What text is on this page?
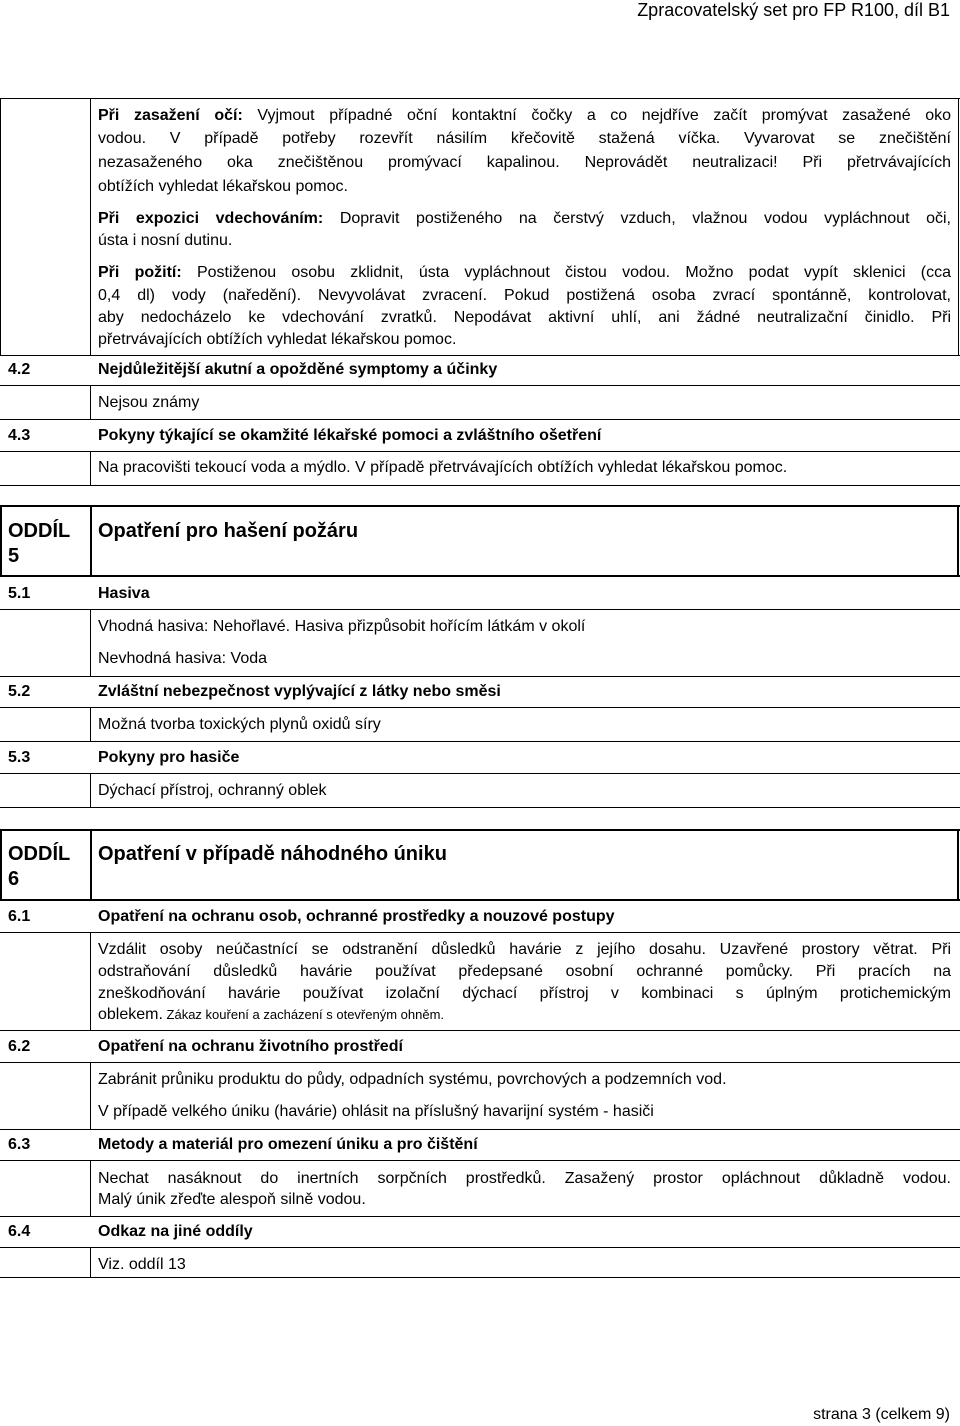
Zpracovatelský set pro FP R100, díl B1
Při zasažení očí: Vyjmout případné oční kontaktní čočky a co nejdříve začít promývat zasažené oko
vodou. V případě potřeby rozevřít násilím křečovitě stažená víčka. Vyvarovat se znečištění
nezasaženého oka znečištěnou promývací kapalinou. Neprovádět neutralizaci! Při přetrvávajících
obtížích vyhledat lékařskou pomoc.
Při expozici vdechováním: Dopravit postiženého na čerstvý vzduch, vlažnou vodou vypláchnout oči,
ústa i nosní dutinu.
Při požití: Postiženou osobu zklidnit, ústa vypláchnout čistou vodou. Možno podat vypít sklenici (cca
0,4 dl) vody (naředění). Nevyvolávat zvracení. Pokud postižená osoba zvrací spontánně, kontrolovat,
aby nedocházelo ke vdechování zvratků. Nepodávat aktivní uhlí, ani žádné neutralizační činidlo. Při
přetrvávajících obtížích vyhledat lékařskou pomoc.
4.2	Nejdůležitější akutní a opožděné symptomy a účinky
Nejsou známy
4.3	Pokyny týkající se okamžité lékařské pomoci a zvláštního ošetření
Na pracovišti tekoucí voda a mýdlo. V případě přetrvávajících obtížích vyhledat lékařskou pomoc.
ODDÍL
5
Opatření pro hašení požáru
5.1	Hasiva
Vhodná hasiva: Nehořlavé. Hasiva přizpůsobit hořícím látkám v okolí
Nevhodná hasiva: Voda
5.2	Zvláštní nebezpečnost vyplývající z látky nebo směsi
Možná tvorba toxických plynů oxidů síry
5.3	Pokyny pro hasiče
Dýchací přístroj, ochranný oblek
ODDÍL
6
Opatření v případě náhodného úniku
6.1	Opatření na ochranu osob, ochranné prostředky a nouzové postupy
Vzdálit osoby neúčastnící se odstranění důsledků havárie z jejího dosahu. Uzavřené prostory větrat. Při
odstraňování důsledků havárie používat předepsané osobní ochranné pomůcky. Při pracích na
zneškodňování havárie používat izolační dýchací přístroj v kombinaci s úplným protichemickým
oblekem. Zákaz kouření a zacházení s otevřeným ohněm.
6.2	Opatření na ochranu životního prostředí
Zabránit průniku produktu do půdy, odpadních systému, povrchových a podzemních vod.
V případě velkého úniku (havárie) ohlásit na příslušný havarijní systém - hasiči
6.3	Metody a materiál pro omezení úniku a pro čištění
Nechat nasáknout do inertních sorpčních prostředků. Zasažený prostor opláchnout důkladně vodou.
Malý únik zřeďte alespoň silně vodou.
6.4	Odkaz na jiné oddíly
Viz. oddíl 13
strana 3 (celkem 9)
